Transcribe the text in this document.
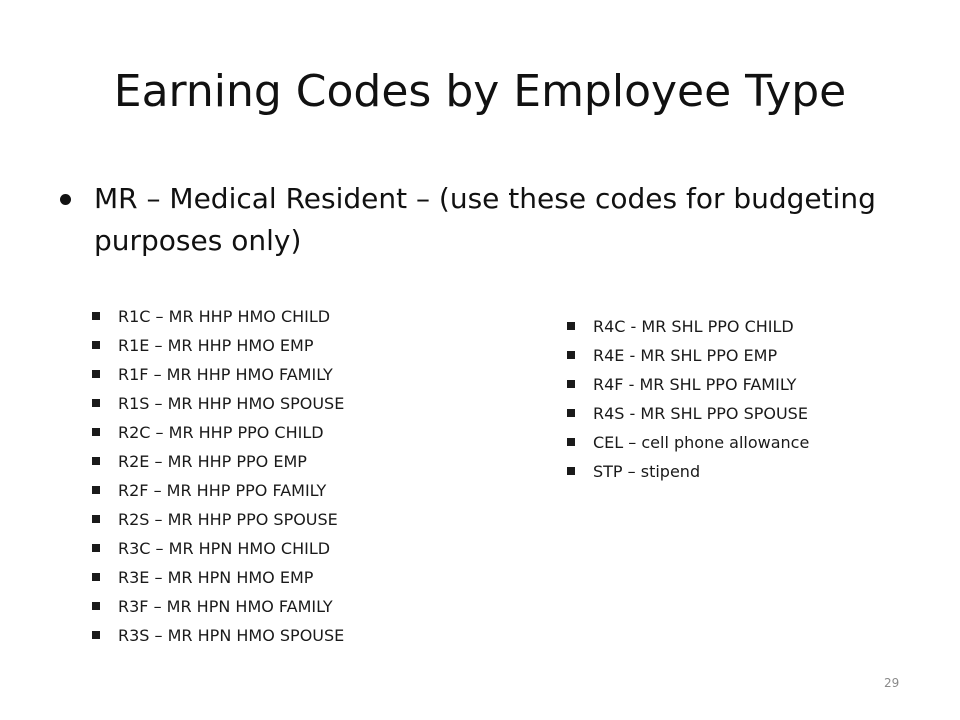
Earning Codes by Employee Type
MR – Medical Resident – (use these codes for budgeting purposes only)
R1C – MR HHP HMO CHILD
R1E – MR HHP HMO EMP
R1F – MR HHP HMO FAMILY
R1S – MR HHP HMO SPOUSE
R2C – MR HHP PPO CHILD
R2E – MR HHP PPO EMP
R2F – MR HHP PPO FAMILY
R2S – MR HHP PPO SPOUSE
R3C – MR HPN HMO CHILD
R3E – MR HPN HMO EMP
R3F – MR HPN HMO FAMILY
R3S – MR HPN HMO SPOUSE
R4C - MR SHL PPO CHILD
R4E - MR SHL PPO EMP
R4F - MR SHL PPO FAMILY
R4S - MR SHL PPO SPOUSE
CEL – cell phone allowance
STP – stipend
29
